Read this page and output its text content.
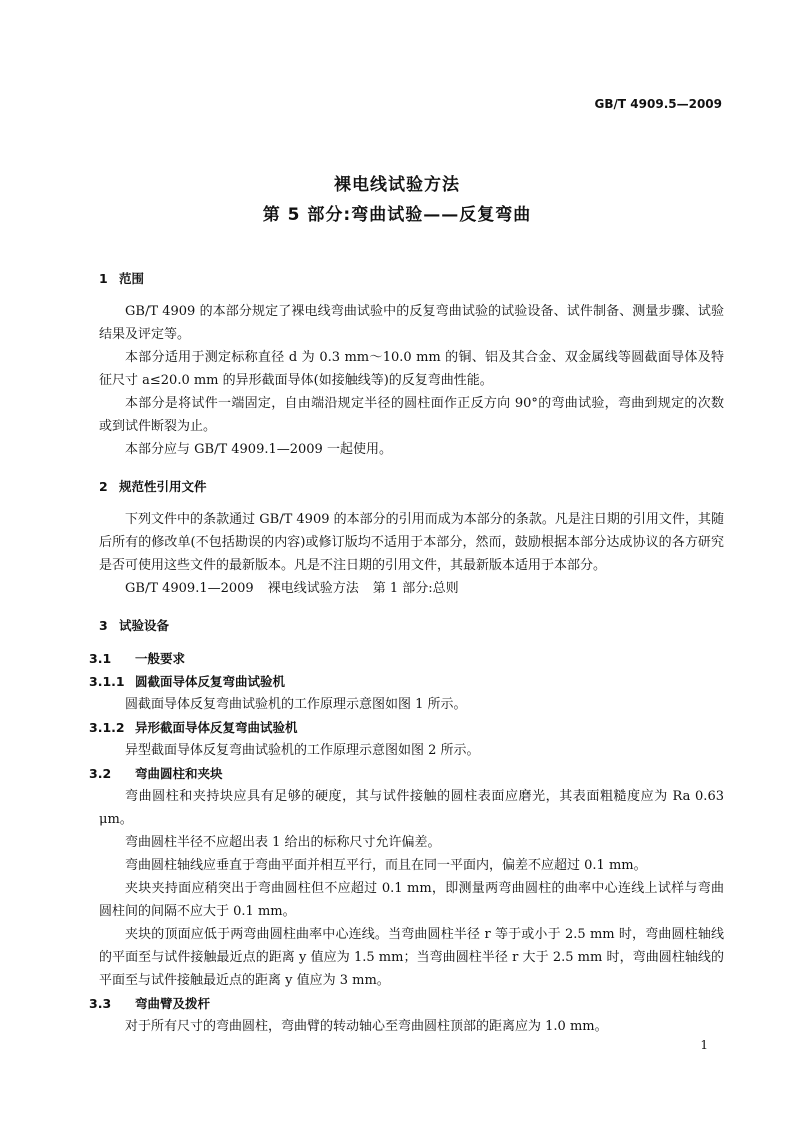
GB/T 4909.5—2009
裸电线试验方法
第 5 部分:弯曲试验——反复弯曲
1 范围

GB/T 4909 的本部分规定了裸电线弯曲试验中的反复弯曲试验的试验设备、试件制备、测量步骤、试验结果及评定等。

本部分适用于测定标称直径 d 为 0.3 mm～10.0 mm 的铜、铝及其合金、双金属线等圆截面导体及特征尺寸 a≤20.0 mm 的异形截面导体(如接触线等)的反复弯曲性能。

本部分是将试件一端固定，自由端沿规定半径的圆柱面作正反方向 90°的弯曲试验，弯曲到规定的次数或到试件断裂为止。

本部分应与 GB/T 4909.1—2009 一起使用。

2 规范性引用文件

下列文件中的条款通过 GB/T 4909 的本部分的引用而成为本部分的条款。凡是注日期的引用文件，其随后所有的修改单(不包括勘误的内容)或修订版均不适用于本部分，然而，鼓励根据本部分达成协议的各方研究是否可使用这些文件的最新版本。凡是不注日期的引用文件，其最新版本适用于本部分。

GB/T 4909.1—2009 裸电线试验方法 第 1 部分:总则
3 试验设备
3.1 一般要求
3.1.1 圆截面导体反复弯曲试验机

圆截面导体反复弯曲试验机的工作原理示意图如图 1 所示。

3.1.2 异形截面导体反复弯曲试验机

异型截面导体反复弯曲试验机的工作原理示意图如图 2 所示。

3.2 弯曲圆柱和夹块

弯曲圆柱和夹持块应具有足够的硬度，其与试件接触的圆柱表面应磨光，其表面粗糙度应为 Ra 0.63 μm。

弯曲圆柱半径不应超出表 1 给出的标称尺寸允许偏差。

弯曲圆柱轴线应垂直于弯曲平面并相互平行，而且在同一平面内，偏差不应超过 0.1 mm。

夹块夹持面应稍突出于弯曲圆柱但不应超过 0.1 mm，即测量两弯曲圆柱的曲率中心连线上试样与弯曲圆柱间的间隔不应大于 0.1 mm。

夹块的顶面应低于两弯曲圆柱曲率中心连线。当弯曲圆柱半径 r 等于或小于 2.5 mm 时，弯曲圆柱轴线的平面至与试件接触最近点的距离 y 值应为 1.5 mm；当弯曲圆柱半径 r 大于 2.5 mm 时，弯曲圆柱轴线的平面至与试件接触最近点的距离 y 值应为 3 mm。

3.3 弯曲臂及拨杆

对于所有尺寸的弯曲圆柱，弯曲臂的转动轴心至弯曲圆柱顶部的距离应为 1.0 mm。

1
